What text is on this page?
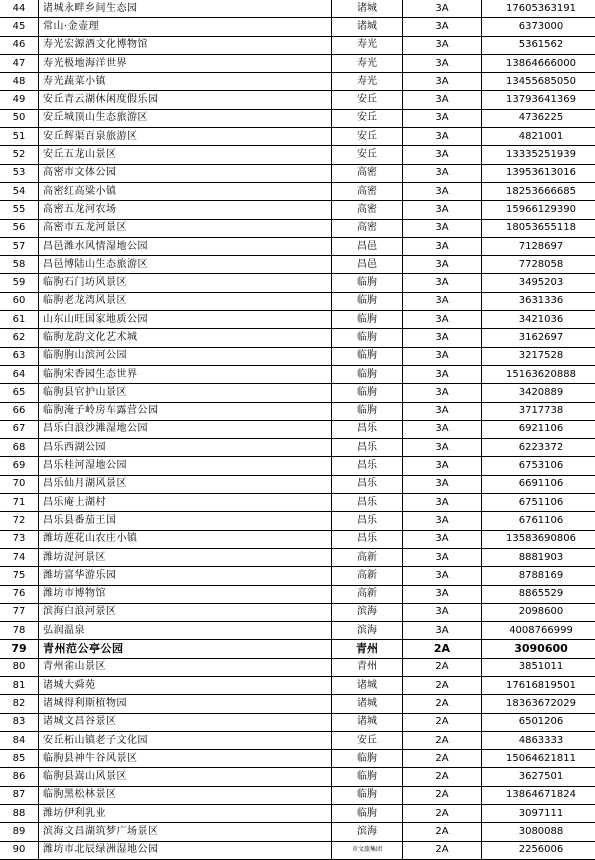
44	诸城永畔乡间生态园	诸城	3A	17605363191
45	常山·金壶理	诸城	3A	6373000
46	寿光宏源酒文化博物馆	寿光	3A	5361562
47	寿光极地海洋世界	寿光	3A	13864666000
48	寿光蔬菜小镇	寿光	3A	13455685050
49	安丘青云湖休闲度假乐园	安丘	3A	13793641369
50	安丘城顶山生态旅游区	安丘	3A	4736225
51	安丘辉渠百泉旅游区	安丘	3A	4821001
52	安丘五龙山景区	安丘	3A	13335251939
53	高密市文体公园	高密	3A	13953613016
54	高密红高粱小镇	高密	3A	18253666685
55	高密五龙河农场	高密	3A	15966129390
56	高密市五龙河景区	高密	3A	18053655118
57	昌邑潍水风情湿地公园	昌邑	3A	7128697
58	昌邑博陆山生态旅游区	昌邑	3A	7728058
59	临朐石门坊风景区	临朐	3A	3495203
60	临朐老龙湾风景区	临朐	3A	3631336
61	山东山旺国家地质公园	临朐	3A	3421036
62	临朐龙韵文化艺术城	临朐	3A	3162697
63	临朐朐山滨河公园	临朐	3A	3217528
64	临朐宋香园生态世界	临朐	3A	15163620888
65	临朐县官护山景区	临朐	3A	3420889
66	临朐淹子岭房车露营公园	临朐	3A	3717738
67	昌乐白浪沙滩湿地公园	昌乐	3A	6921106
68	昌乐西湖公园	昌乐	3A	6223372
69	昌乐桂河湿地公园	昌乐	3A	6753106
70	昌乐仙月湖风景区	昌乐	3A	6691106
71	昌乐庵上湖村	昌乐	3A	6751106
72	昌乐县番茄王国	昌乐	3A	6761106
73	潍坊莲花山农庄小镇	昌乐	3A	13583690806
74	潍坊浞河景区	高新	3A	8881903
75	潍坊富华游乐园	高新	3A	8788169
76	潍坊市博物馆	高新	3A	8865529
77	滨海白浪河景区	滨海	3A	2098600
78	弘润温泉	滨海	3A	4008766999
79	青州范公亭公园	青州	2A	3090600
80	青州雀山景区	青州	2A	3851011
81	诸城大舜苑	诸城	2A	17616819501
82	诸城得利斯植物园	诸城	2A	18363672029
83	诸城文昌谷景区	诸城	2A	6501206
84	安丘柘山镇老子文化园	安丘	2A	4863333
85	临朐县神牛谷风景区	临朐	2A	15064621811
86	临朐县嵩山风景区	临朐	2A	3627501
87	临朐黑松林景区	临朐	2A	13864671824
88	潍坊伊利乳业	临朐	2A	3097111
89	滨海文昌湖筑梦广场景区	滨海	2A	3080088
90	潍坊市北辰绿洲湿地公园	市文旅集团	2A	2256006
